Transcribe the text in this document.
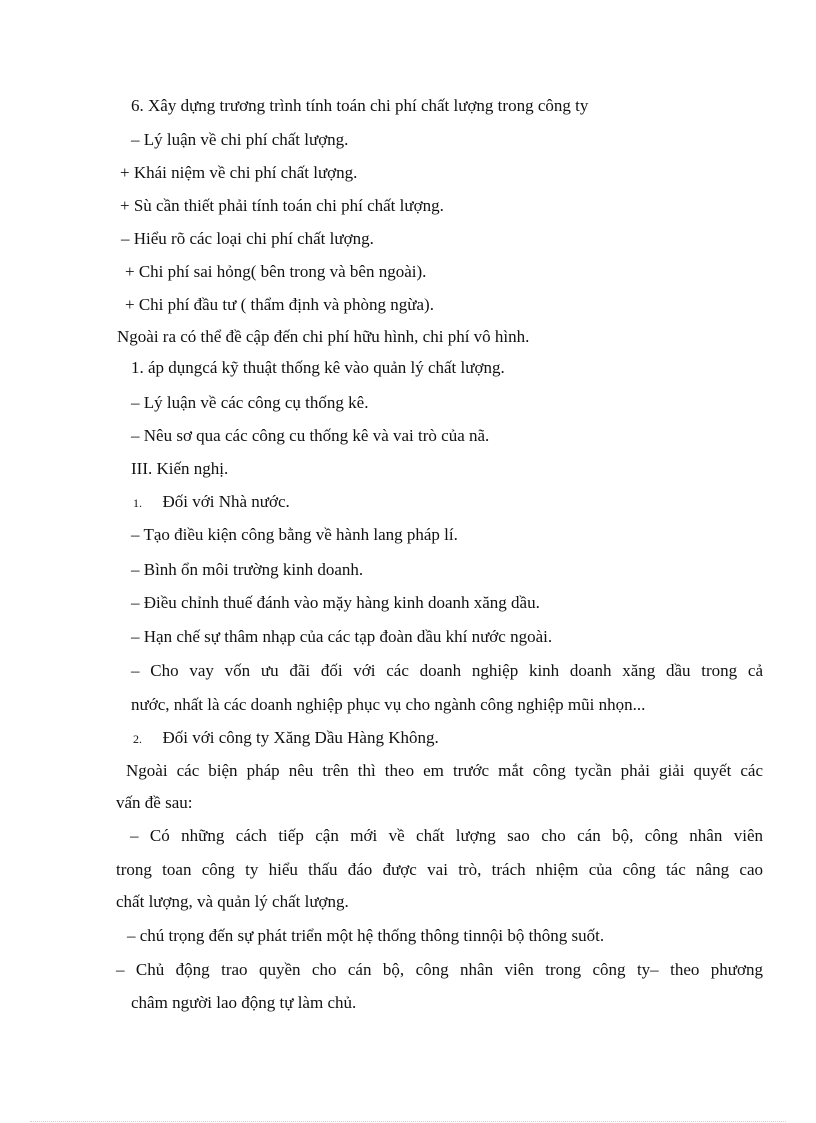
6. Xây dựng trương trình tính toán chi phí chất lượng trong công ty
– Lý luận về chi phí chất lượng.
+ Khái niệm về chi phí chất lượng.
+ Sù cần thiết phải tính toán chi phí chất lượng.
– Hiểu rõ các loại chi phí chất lượng.
+ Chi phí sai hỏng( bên trong và bên ngoài).
+ Chi phí đầu tư ( thẩm định và phòng ngừa).
Ngoài ra có thể đề cập đến chi phí hữu hình, chi phí vô hình.
1. áp dụngcá kỹ thuật thống kê vào quản lý chất lượng.
– Lý luận về các công cụ thống kê.
– Nêu sơ qua các công cu thống kê và vai trò của nã.
III. Kiến nghị.
1. Đối với Nhà nước.
– Tạo điều kiện công bằng về hành lang pháp lí.
– Bình ổn môi trường kinh doanh.
– Điều chỉnh thuế đánh vào mặy hàng kinh doanh xăng dầu.
– Hạn chế sự thâm nhạp của các tạp đoàn dầu khí nước ngoài.
– Cho vay vốn ưu đãi đối với các doanh nghiệp kinh doanh xăng dầu trong cả
nước, nhất là các doanh nghiệp phục vụ cho ngành công nghiệp mũi nhọn...
2. Đối với công ty Xăng Dầu Hàng Không.
Ngoài các biện pháp nêu trên thì theo em trước mắt công tycần phải giải quyết các
vấn đề sau:
– Có những cách tiếp cận mới về chất lượng sao cho cán bộ, công nhân viên
trong toan công ty hiểu thấu đáo được vai trò, trách nhiệm của công tác nâng cao
chất lượng, và quản lý chất lượng.
– chú trọng đến sự phát triển một hệ thống thông tinnội bộ thông suốt.
– Chủ động trao quyền cho cán bộ, công nhân viên trong công ty– theo phương
châm người lao động tự làm chủ.
